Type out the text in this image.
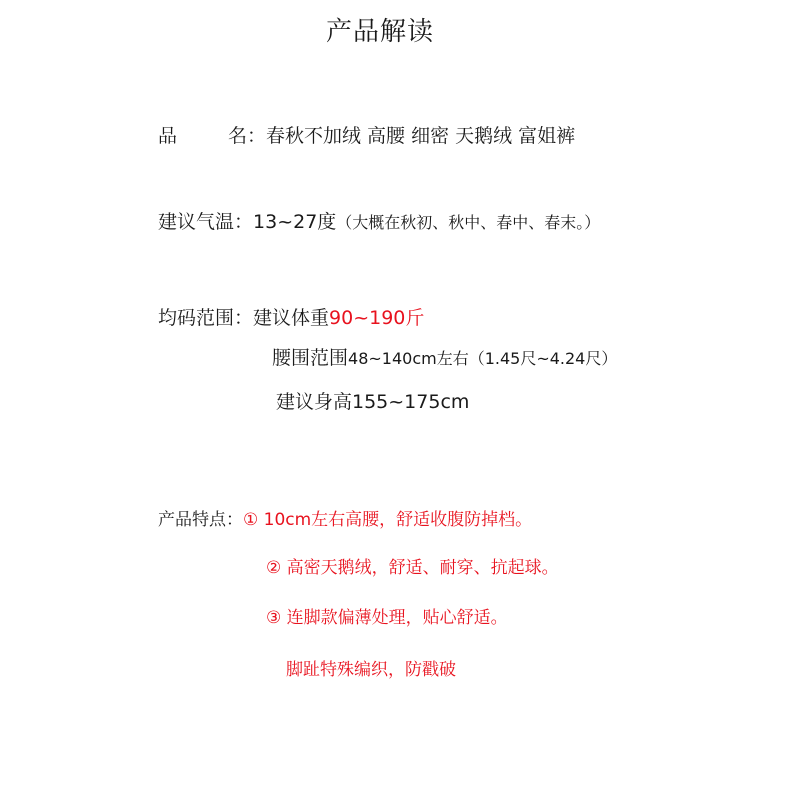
产品解读
品	名：春秋不加绒 高腰 细密 天鹅绒 富姐裤
建议气温：13~27度（大概在秋初、秋中、春中、春末。）
均码范围：建议体重90~190斤
腰围范围48~140cm左右（1.45尺~4.24尺）
建议身高155~175cm
产品特点：① 10cm左右高腰，舒适收腹防掉档。
② 高密天鹅绒，舒适、耐穿、抗起球。
③ 连脚款偏薄处理，贴心舒适。
脚趾特殊编织，防戳破
